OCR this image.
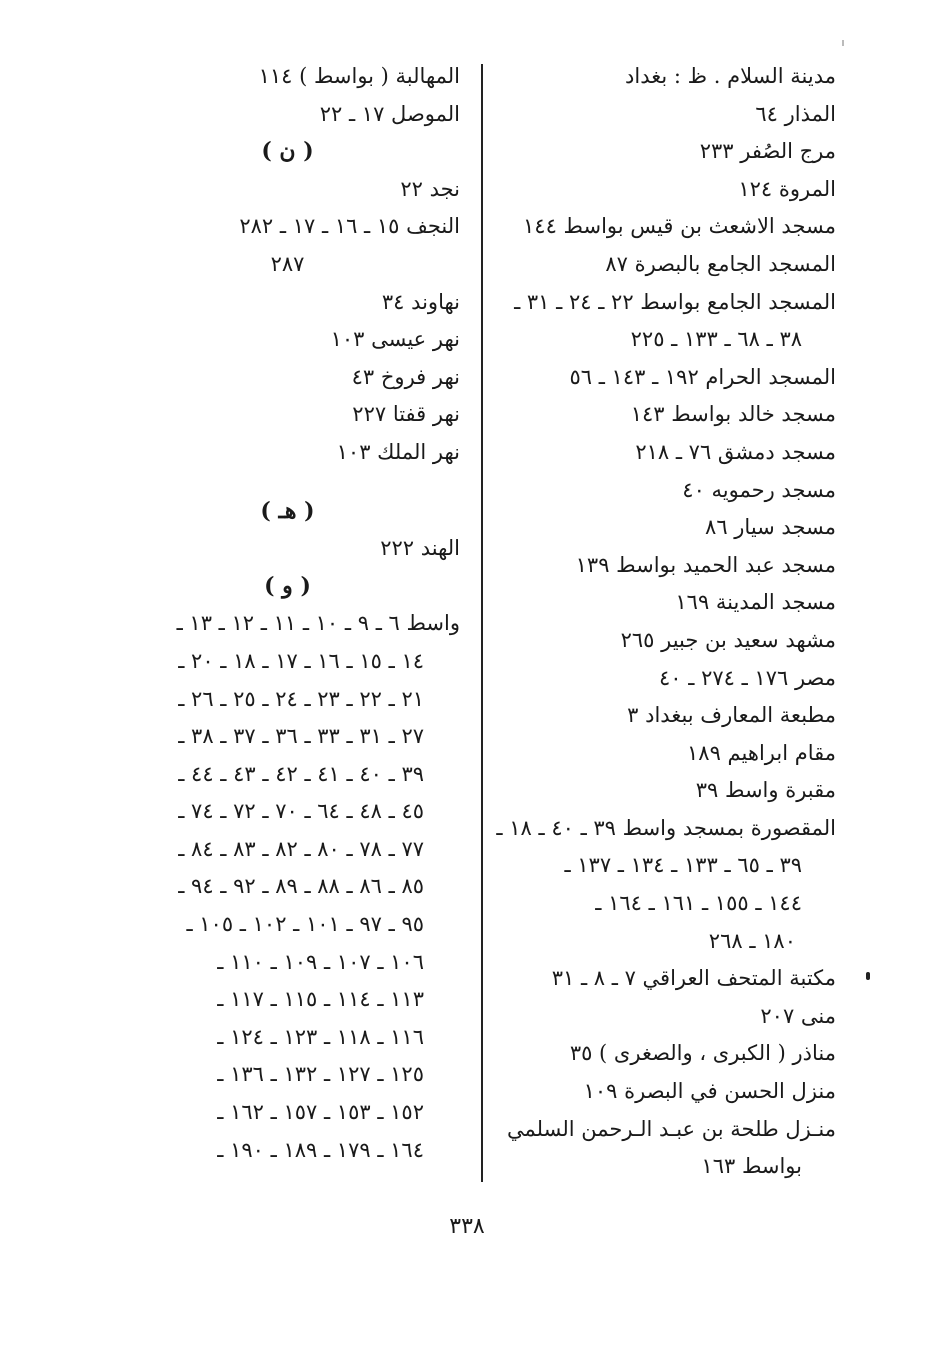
مدينة السلام . ظ : بغداد
المذار ٦٤
مرج الصُفر ٢٣٣
المروة ١٢٤
مسجد الاشعث بن قيس بواسط ١٤٤
المسجد الجامع بالبصرة ٨٧
المسجد الجامع بواسط ٢٢ ـ ٢٤ ـ ٣١ ـ
٣٨ ـ ٦٨ ـ ١٣٣ ـ ٢٢٥
المسجد الحرام ١٩٢ ـ ١٤٣ ـ ٥٦
مسجد خالد بواسط ١٤٣
مسجد دمشق ٧٦ ـ ٢١٨
مسجد رحمويه ٤٠
مسجد سيار ٨٦
مسجد عبد الحميد بواسط ١٣٩
مسجد المدينة ١٦٩
مشهد سعيد بن جبير ٢٦٥
مصر ١٧٦ ـ ٢٧٤ ـ ٤٠
مطبعة المعارف ببغداد ٣
مقام ابراهيم ١٨٩
مقبرة واسط ٣٩
المقصورة بمسجد واسط ٣٩ ـ ٤٠ ـ ١٨ ـ
٣٩ ـ ٦٥ ـ ١٣٣ ـ ١٣٤ ـ ١٣٧ ـ
١٤٤ ـ ١٥٥ ـ ١٦١ ـ ١٦٤ ـ
١٨٠ ـ ٢٦٨
مكتبة المتحف العراقي ٧ ـ ٨ ـ ٣١
منى ٢٠٧
مناذر ( الكبرى ، والصغرى ) ٣٥
منزل الحسن في البصرة ١٠٩
منـزل طلحة بن عبـد الـرحمن السلمي
بواسط ١٦٣
المهالبة ( بواسط ) ١١٤
الموصل ١٧ ـ ٢٢
( ن )
نجد ٢٢
النجف ١٥ ـ ١٦ ـ ١٧ ـ ٢٨٢
٢٨٧
نهاوند ٣٤
نهر عيسى ١٠٣
نهر فروخ ٤٣
نهر قفتا ٢٢٧
نهر الملك ١٠٣
( هـ )
الهند ٢٢٢
( و )
واسط ٦ ـ ٩ ـ ١٠ ـ ١١ ـ ١٢ ـ ١٣ ـ
١٤ ـ ١٥ ـ ١٦ ـ ١٧ ـ ١٨ ـ ٢٠ ـ
٢١ ـ ٢٢ ـ ٢٣ ـ ٢٤ ـ ٢٥ ـ ٢٦ ـ
٢٧ ـ ٣١ ـ ٣٣ ـ ٣٦ ـ ٣٧ ـ ٣٨ ـ
٣٩ ـ ٤٠ ـ ٤١ ـ ٤٢ ـ ٤٣ ـ ٤٤ ـ
٤٥ ـ ٤٨ ـ ٦٤ ـ ٧٠ ـ ٧٢ ـ ٧٤ ـ
٧٧ ـ ٧٨ ـ ٨٠ ـ ٨٢ ـ ٨٣ ـ ٨٤ ـ
٨٥ ـ ٨٦ ـ ٨٨ ـ ٨٩ ـ ٩٢ ـ ٩٤ ـ
٩٥ ـ ٩٧ ـ ١٠١ ـ ١٠٢ ـ ١٠٥ ـ
١٠٦ ـ ١٠٧ ـ ١٠٩ ـ ١١٠ ـ
١١٣ ـ ١١٤ ـ ١١٥ ـ ١١٧ ـ
١١٦ ـ ١١٨ ـ ١٢٣ ـ ١٢٤ ـ
١٢٥ ـ ١٢٧ ـ ١٣٢ ـ ١٣٦ ـ
١٥٢ ـ ١٥٣ ـ ١٥٧ ـ ١٦٢ ـ
١٦٤ ـ ١٧٩ ـ ١٨٩ ـ ١٩٠ ـ
٣٣٨
